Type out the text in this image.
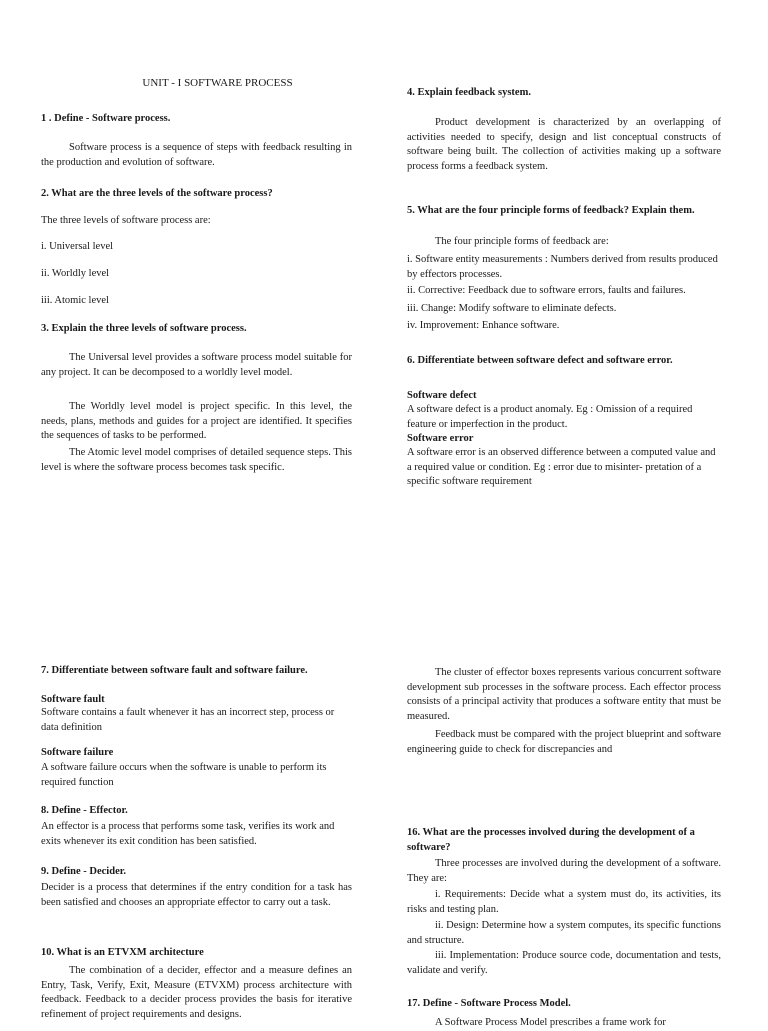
UNIT - I SOFTWARE PROCESS
1 . Define - Software process.
Software process is a sequence of steps with feedback resulting in the production and evolution of software.
2. What are the three levels of the software process?
The three levels of software process are:
i. Universal level
ii. Worldly level
iii. Atomic level
3. Explain the three levels of software process.
The Universal level provides a software process model suitable for any project. It can be decomposed to a worldly level model.
The Worldly level model is project specific. In this level, the needs, plans, methods and guides for a project are identified. It specifies the sequences of tasks to be performed.
The Atomic level model comprises of detailed sequence steps. This level is where the software process becomes task specific.
4. Explain feedback system.
Product development is characterized by an overlapping of activities needed to specify, design and list conceptual constructs of software being built. The collection of activities making up a software process forms a feedback system.
5. What are the four principle forms of feedback? Explain them.
The four principle forms of feedback are:
i. Software entity measurements : Numbers derived from results produced by effectors processes.
ii. Corrective: Feedback due to software errors, faults and failures.
iii. Change: Modify software to eliminate defects.
iv. Improvement: Enhance software.
6. Differentiate between software defect and software error.
Software defect
A software defect is a product anomaly. Eg : Omission of a required feature or imperfection in the product.
Software error
A software error is an observed difference between a computed value and a required value or condition. Eg : error due to misinter- pretation of a specific software requirement
7. Differentiate between software fault and software failure.
Software fault
Software contains a fault whenever it has an incorrect step, process or data definition
Software failure
A software failure occurs when the software is unable to perform its required function
8. Define - Effector.
An effector is a process that performs some task, verifies its work and exits whenever its exit condition has been satisfied.
9. Define - Decider.
Decider is a process that determines if the entry condition for a task has been satisfied and chooses an appropriate effector to carry out a task.
10. What is an ETVXM architecture
The combination of a decider, effector and a measure defines an Entry, Task, Verify, Exit, Measure (ETVXM) process architecture with feedback. Feedback to a decider process provides the basis for iterative refinement of project requirements and designs.
The cluster of effector boxes represents various concurrent software development sub processes in the software process. Each effector process consists of a principal activity that produces a software entity that must be measured.
Feedback must be compared with the project blueprint and software engineering guide to check for discrepancies and
16. What are the processes involved during the development of a software?
Three processes are involved during the development of a software. They are:
i. Requirements: Decide what a system must do, its activities, its risks and testing plan.
ii. Design: Determine how a system computes, its specific functions and structure.
iii. Implementation: Produce source code, documentation and tests, validate and verify.
17. Define - Software Process Model.
A Software Process Model prescribes a frame work for
